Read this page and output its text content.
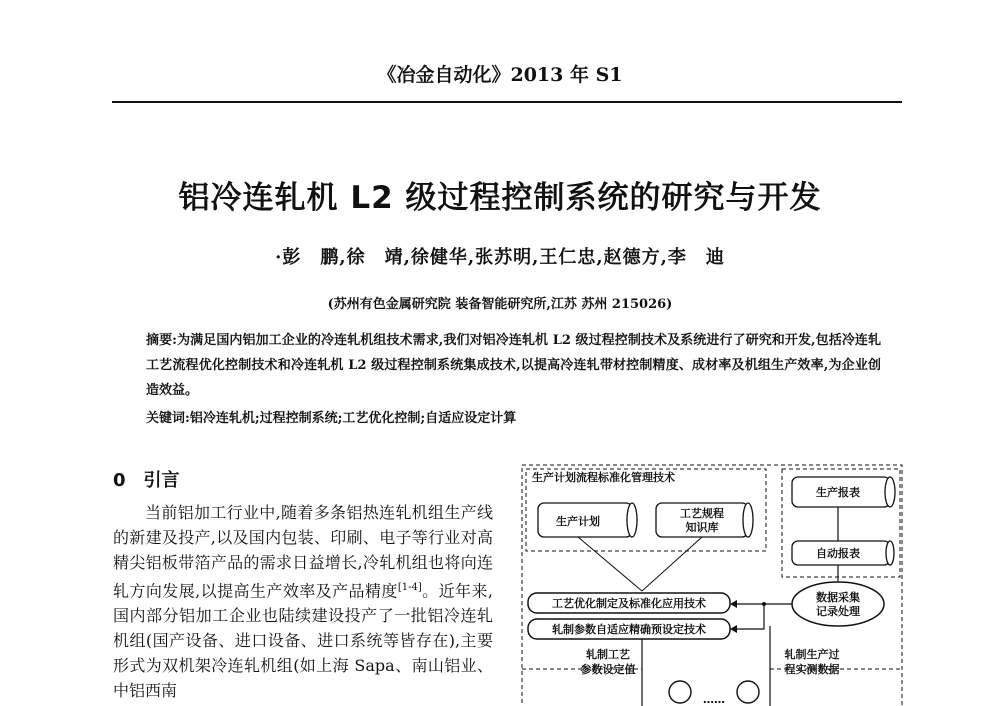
《冶金自动化》2013 年 S1
铝冷连轧机 L2 级过程控制系统的研究与开发
·彭　鹏,徐　靖,徐健华,张苏明,王仁忠,赵德方,李　迪
(苏州有色金属研究院 装备智能研究所,江苏 苏州 215026)
摘要:为满足国内铝加工企业的冷连轧机组技术需求,我们对铝冷连轧机 L2 级过程控制技术及系统进行了研究和开发,包括冷连轧工艺流程优化控制技术和冷连轧机 L2 级过程控制系统集成技术,以提高冷连轧带材控制精度、成材率及机组生产效率,为企业创造效益。
关键词:铝冷连轧机;过程控制系统;工艺优化控制;自适应设定计算
0　引言

当前铝加工行业中,随着多条铝热连轧机组生产线的新建及投产,以及国内包装、印刷、电子等行业对高精尖铝板带箔产品的需求日益增长,冷轧机组也将向连轧方向发展,以提高生产效率及产品精度[1-4]。近年来,国内部分铝加工企业也陆续建设投产了一批铝冷连轧机组(国产设备、进口设备、进口系统等皆存在),主要形式为双机架冷连轧机组(如上海 Sapa、南山铝业、中铝西南

生产计划流程标准化管理技术
生产计划
工艺规程
知识库
生产报表
自动报表
工艺优化制定及标准化应用技术
轧制参数自适应精确预设定技术
数据采集
记录处理
轧制工艺
参数设定值
轧制生产过
程实测数据
……
